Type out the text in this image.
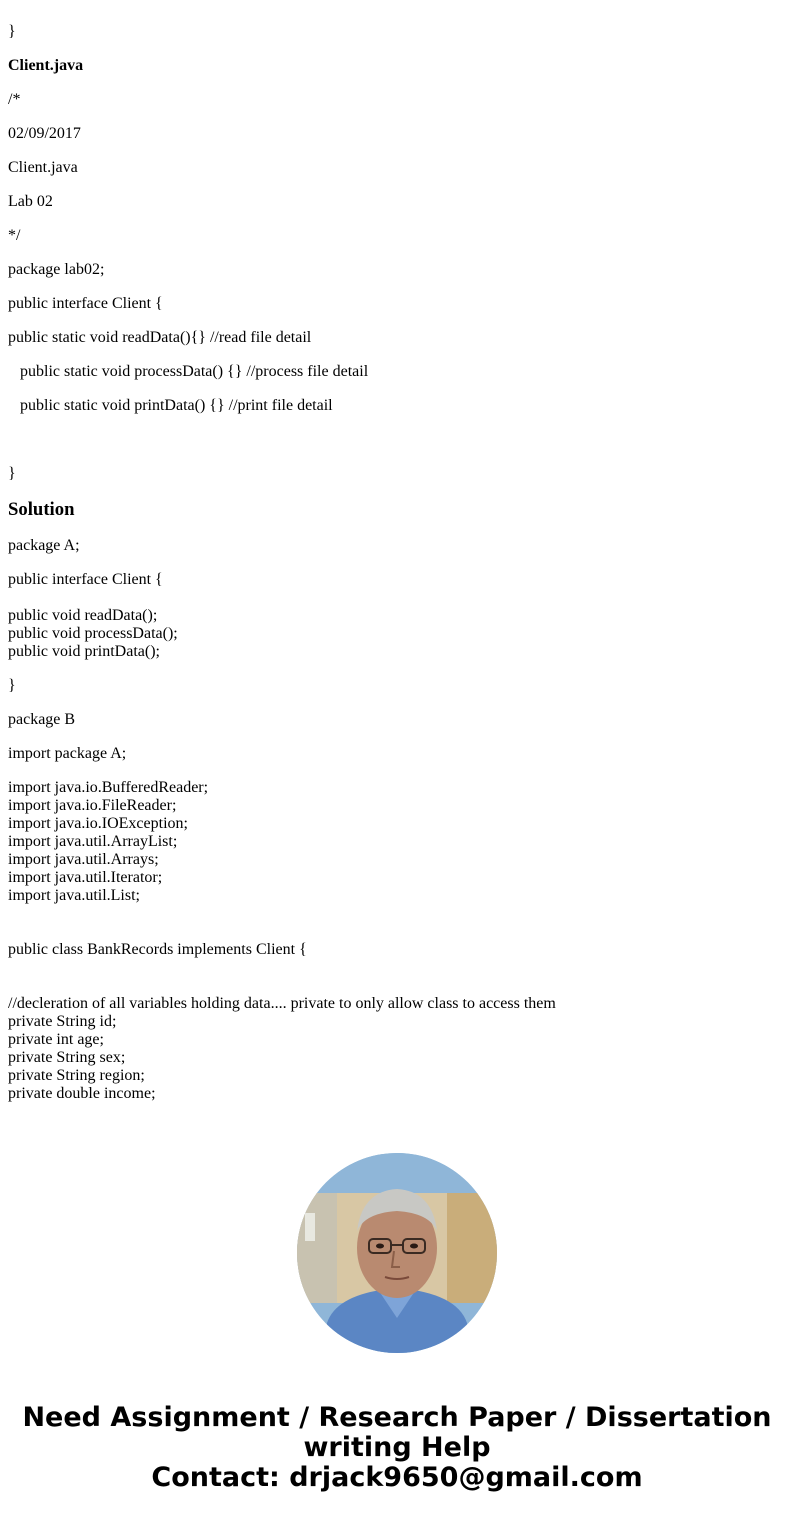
}
Client.java
/*
02/09/2017
Client.java
Lab 02
*/
package lab02;
public interface Client {
public static void readData(){} //read file detail
public static void processData() {} //process file detail
public static void printData() {} //print file detail
}
Solution
package A;
public interface Client {
public void readData();
public void processData();
public void printData();
}
package B
import package A;
import java.io.BufferedReader;
import java.io.FileReader;
import java.io.IOException;
import java.util.ArrayList;
import java.util.Arrays;
import java.util.Iterator;
import java.util.List;
public class BankRecords implements Client {
//decleration of all variables holding data.... private to only allow class to access them
private String id;
private int age;
private String sex;
private String region;
private double income;
Need Assignment / Research Paper / Dissertation
writing Help
Contact: drjack9650@gmail.com
